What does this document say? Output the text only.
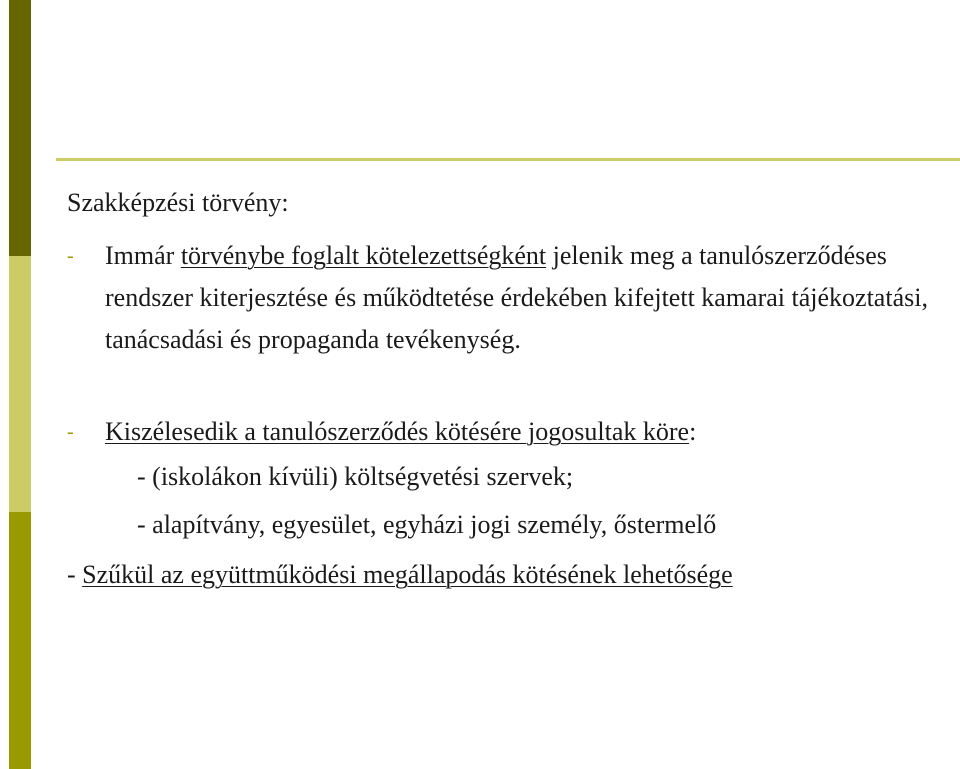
Szakképzési törvény:
- Immár törvénybe foglalt kötelezettségként jelenik meg a tanulószerződéses rendszer kiterjesztése és működtetése érdekében kifejtett kamarai tájékoztatási, tanácsadási és propaganda tevékenység.
- Kiszélesedik a tanulószerződés kötésére jogosultak köre:
- (iskolákon kívüli) költségvetési szervek;
- alapítvány, egyesület, egyházi jogi személy, őstermelő
- Szűkül az együttműködési megállapodás kötésének lehetősége
